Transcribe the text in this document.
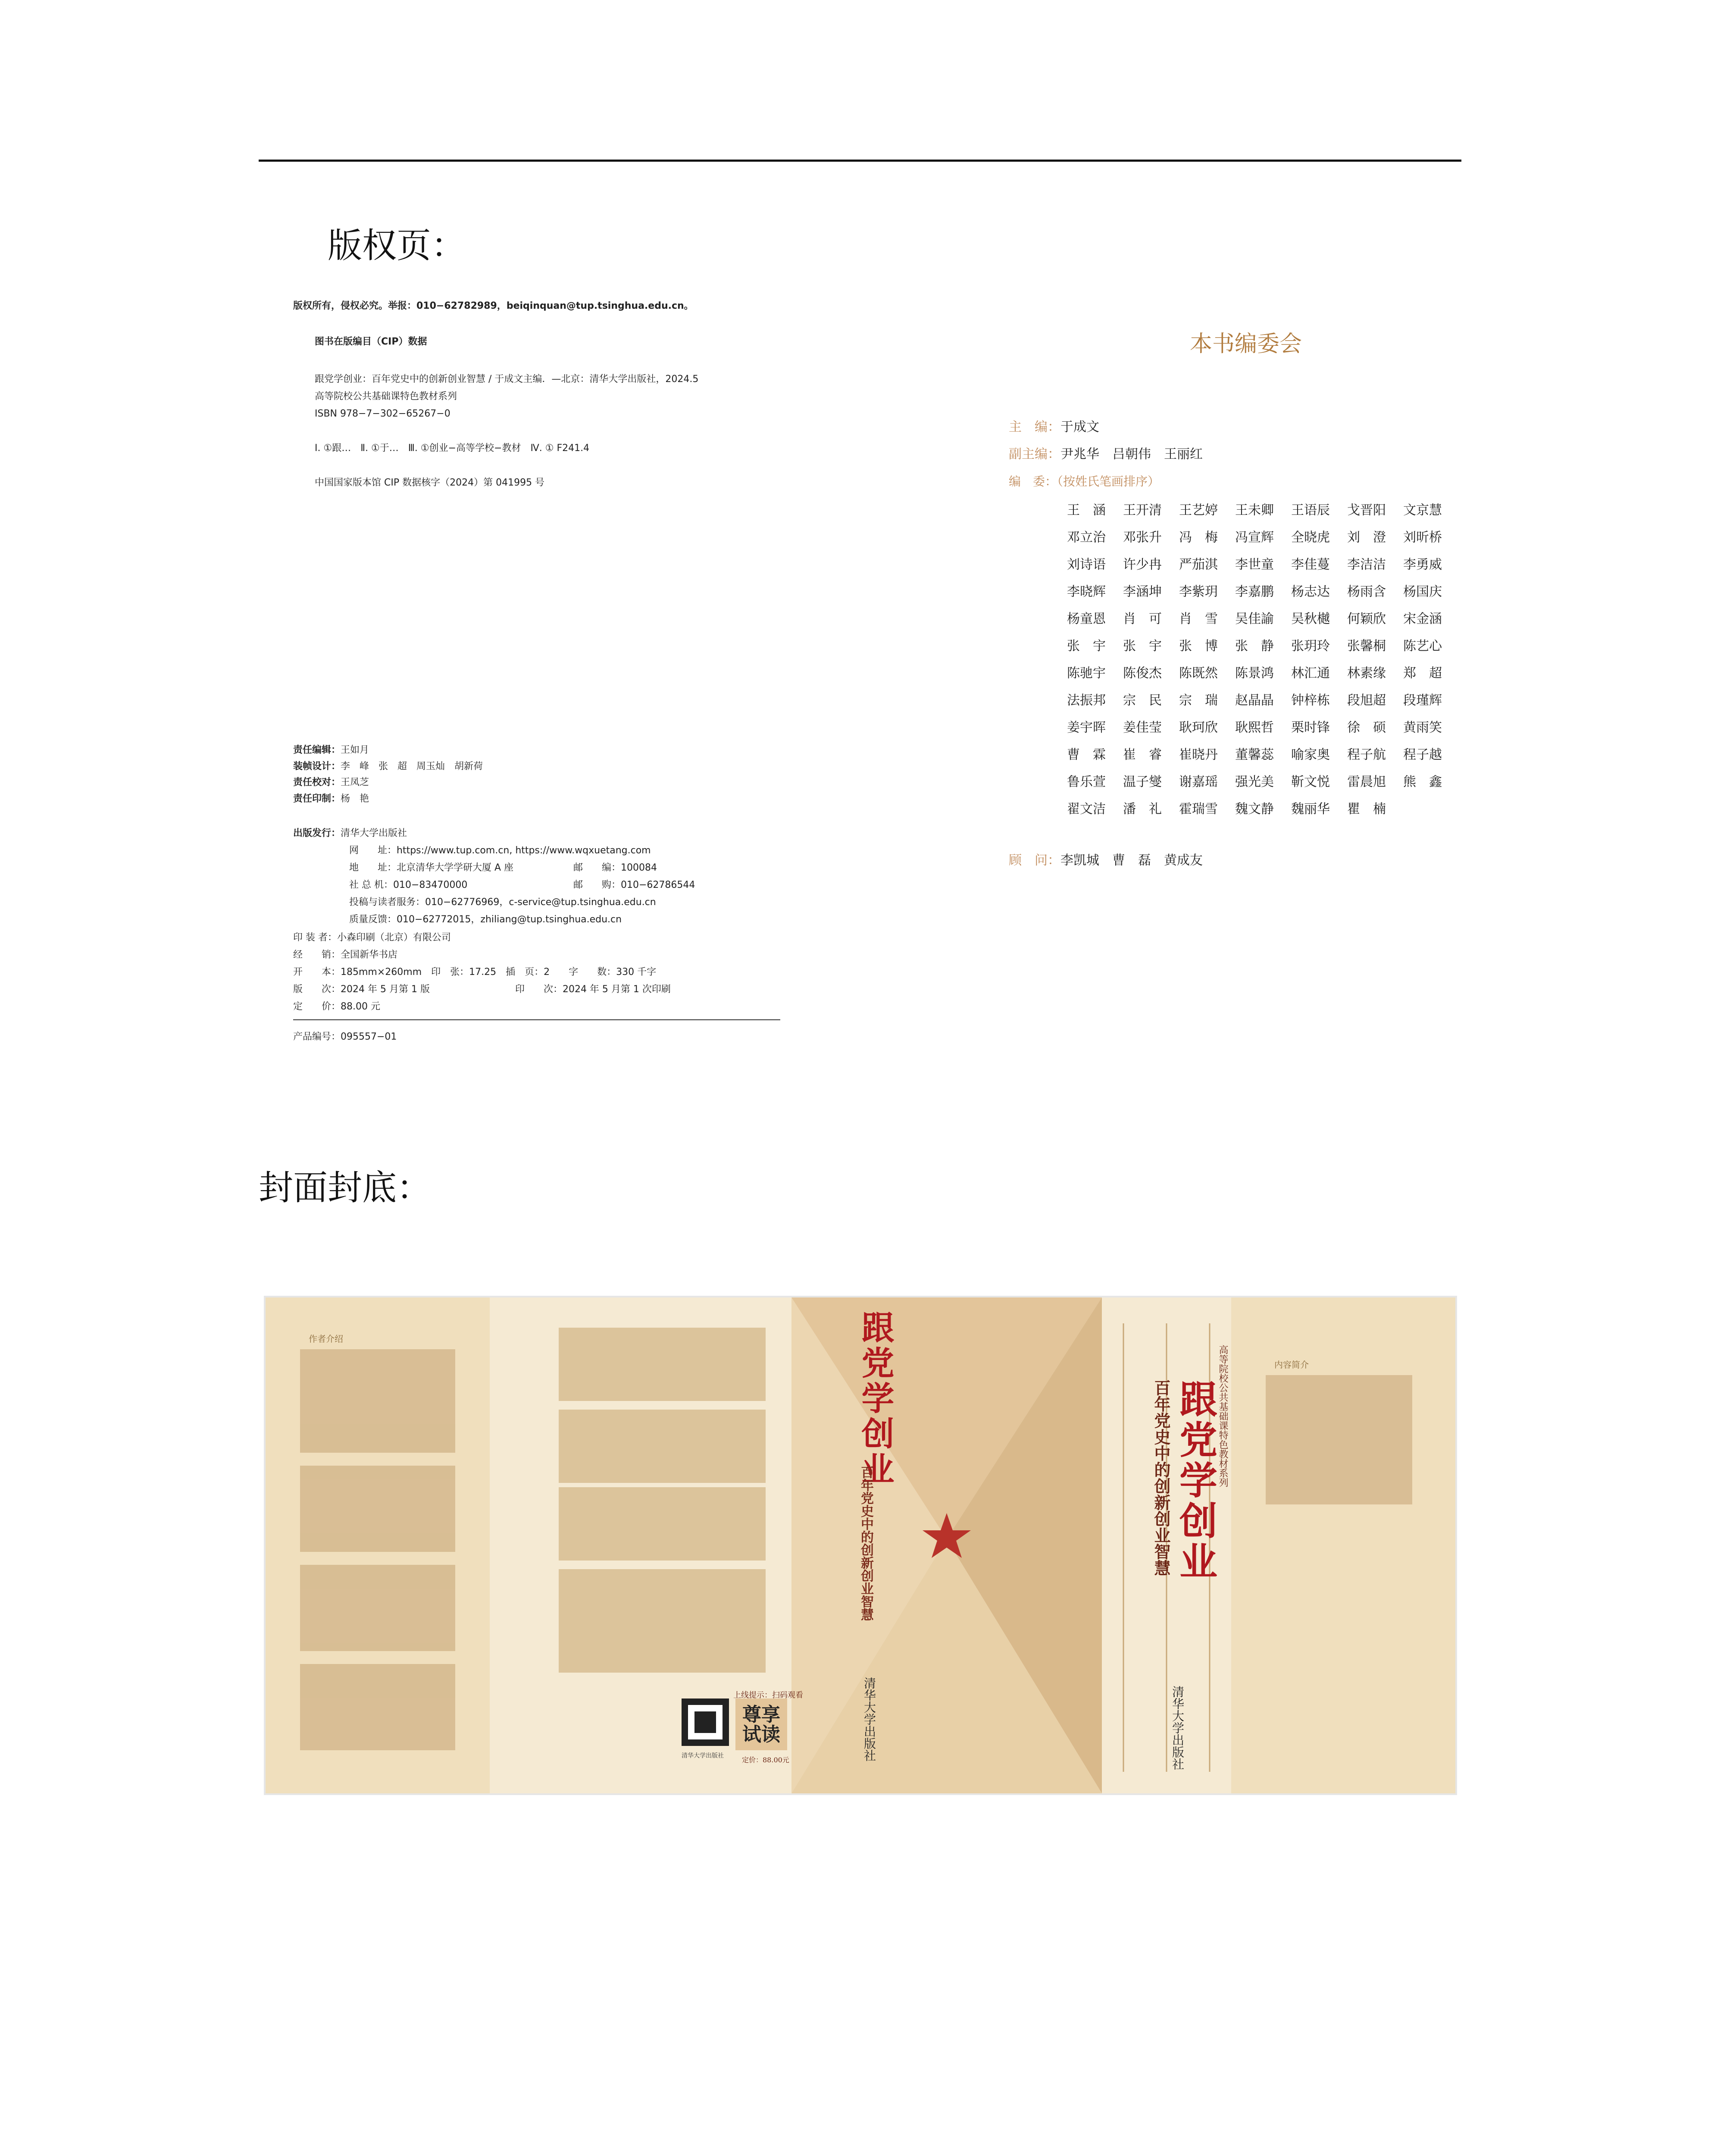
版权页：
版权所有，侵权必究。举报：010−62782989，beiqinquan@tup.tsinghua.edu.cn。
图书在版编目（CIP）数据
跟党学创业：百年党史中的创新创业智慧 / 于成文主编．—北京：清华大学出版社，2024.5
高等院校公共基础课特色教材系列
ISBN 978−7−302−65267−0
Ⅰ. ①跟…　Ⅱ. ①于…　Ⅲ. ①创业−高等学校−教材　Ⅳ. ① F241.4
中国国家版本馆 CIP 数据核字（2024）第 041995 号
责任编辑：王如月
装帧设计：李　峰　张　超　周玉灿　胡新荷
责任校对：王凤芝
责任印制：杨　艳
出版发行：清华大学出版社
网　　址：https://www.tup.com.cn, https://www.wqxuetang.com
地　　址：北京清华大学学研大厦 A 座	邮　　编：100084
社 总 机：010−83470000	邮　　购：010−62786544
投稿与读者服务：010−62776969，c-service@tup.tsinghua.edu.cn
质量反馈：010−62772015，zhiliang@tup.tsinghua.edu.cn
印 装 者：小森印刷（北京）有限公司
经　　销：全国新华书店
开　　本：185mm×260mm　印　张：17.25　插　页：2　　字　　数：330 千字
版　　次：2024 年 5 月第 1 版　　　　　　　　　印　　次：2024 年 5 月第 1 次印刷
定　　价：88.00 元
产品编号：095557−01
本书编委会
主　编：于成文
副主编：尹兆华　吕朝伟　王丽红
编　委：（按姓氏笔画排序）
王　涵	王开清	王艺婷	王未卿	王语辰	戈晋阳	文京慧
邓立治	邓张升	冯　梅	冯宣辉	全晓虎	刘　澄	刘昕桥
刘诗语	许少冉	严茄淇	李世童	李佳蔓	李洁洁	李勇威
李晓辉	李涵坤	李紫玥	李嘉鹏	杨志达	杨雨含	杨国庆
杨童恩	肖　可	肖　雪	吴佳諭	吴秋樾	何颖欣	宋金涵
张　宇	张　宇	张　博	张　静	张玥玲	张馨桐	陈艺心
陈驰宇	陈俊杰	陈既然	陈景鸿	林汇通	林素缘	郑　超
法振邦	宗　民	宗　瑞	赵晶晶	钟梓栋	段旭超	段瑾辉
姜宇晖	姜佳莹	耿珂欣	耿熙哲	栗时锋	徐　硕	黄雨笑
曹　霖	崔　睿	崔晓丹	董馨蕊	喻家奥	程子航	程子越
鲁乐萱	温子燮	谢嘉瑶	强光美	靳文悦	雷晨旭	熊　鑫
翟文洁	潘　礼	霍瑞雪	魏文静	魏丽华	瞿　楠
顾　问：李凯城　曹　磊　黄成友
封面封底：
跟党学创业
百年党史中的创新创业智慧	跟党学创业
百年党史中的创新创业智慧	高等院校公共基础课特色教材系列
作者介绍
内容简介
尊享试读
上线提示：扫码观看
定价：88.00元
清华大学出版社	清华大学出版社	清华大学出版社
